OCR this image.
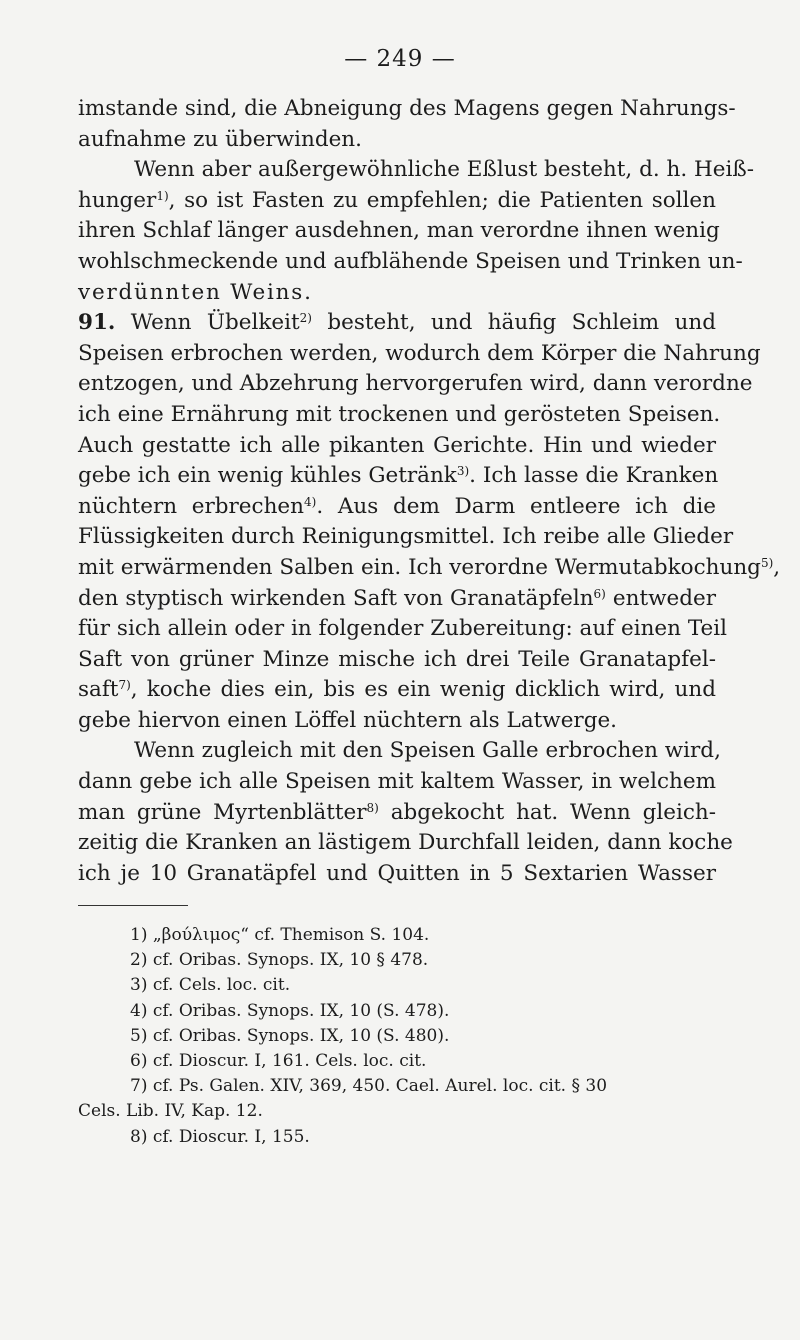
— 249 —
imstande sind, die Abneigung des Magens gegen Nahrungs-
aufnahme zu überwinden.
Wenn aber außergewöhnliche Eßlust besteht, d. h. Heiß-
hunger$^{1)}$, so ist Fasten zu empfehlen; die Patienten sollen
ihren Schlaf länger ausdehnen, man verordne ihnen wenig
wohlschmeckende und aufblähende Speisen und Trinken un-
verdünnten Weins.
91. Wenn Übelkeit$^{2)}$ besteht, und häufig Schleim und
Speisen erbrochen werden, wodurch dem Körper die Nahrung
entzogen, und Abzehrung hervorgerufen wird, dann verordne
ich eine Ernährung mit trockenen und gerösteten Speisen.
Auch gestatte ich alle pikanten Gerichte. Hin und wieder
gebe ich ein wenig kühles Getränk$^{3)}$. Ich lasse die Kranken
nüchtern erbrechen$^{4)}$. Aus dem Darm entleere ich die
Flüssigkeiten durch Reinigungsmittel. Ich reibe alle Glieder
mit erwärmenden Salben ein. Ich verordne Wermutabkochung$^{5)}$,
den styptisch wirkenden Saft von Granatäpfeln$^{6)}$ entweder
für sich allein oder in folgender Zubereitung: auf einen Teil
Saft von grüner Minze mische ich drei Teile Granatapfel-
saft$^{7)}$, koche dies ein, bis es ein wenig dicklich wird, und
gebe hiervon einen Löffel nüchtern als Latwerge.
Wenn zugleich mit den Speisen Galle erbrochen wird,
dann gebe ich alle Speisen mit kaltem Wasser, in welchem
man grüne Myrtenblätter$^{8)}$ abgekocht hat. Wenn gleich-
zeitig die Kranken an lästigem Durchfall leiden, dann koche
ich je 10 Granatäpfel und Quitten in 5 Sextarien Wasser
1) „βούλιμος“ cf. Themison S. 104.
2) cf. Oribas. Synops. IX, 10 § 478.
3) cf. Cels. loc. cit.
4) cf. Oribas. Synops. IX, 10 (S. 478).
5) cf. Oribas. Synops. IX, 10 (S. 480).
6) cf. Dioscur. I, 161. Cels. loc. cit.
7) cf. Ps. Galen. XIV, 369, 450. Cael. Aurel. loc. cit. § 30
Cels. Lib. IV, Kap. 12.
8) cf. Dioscur. I, 155.
